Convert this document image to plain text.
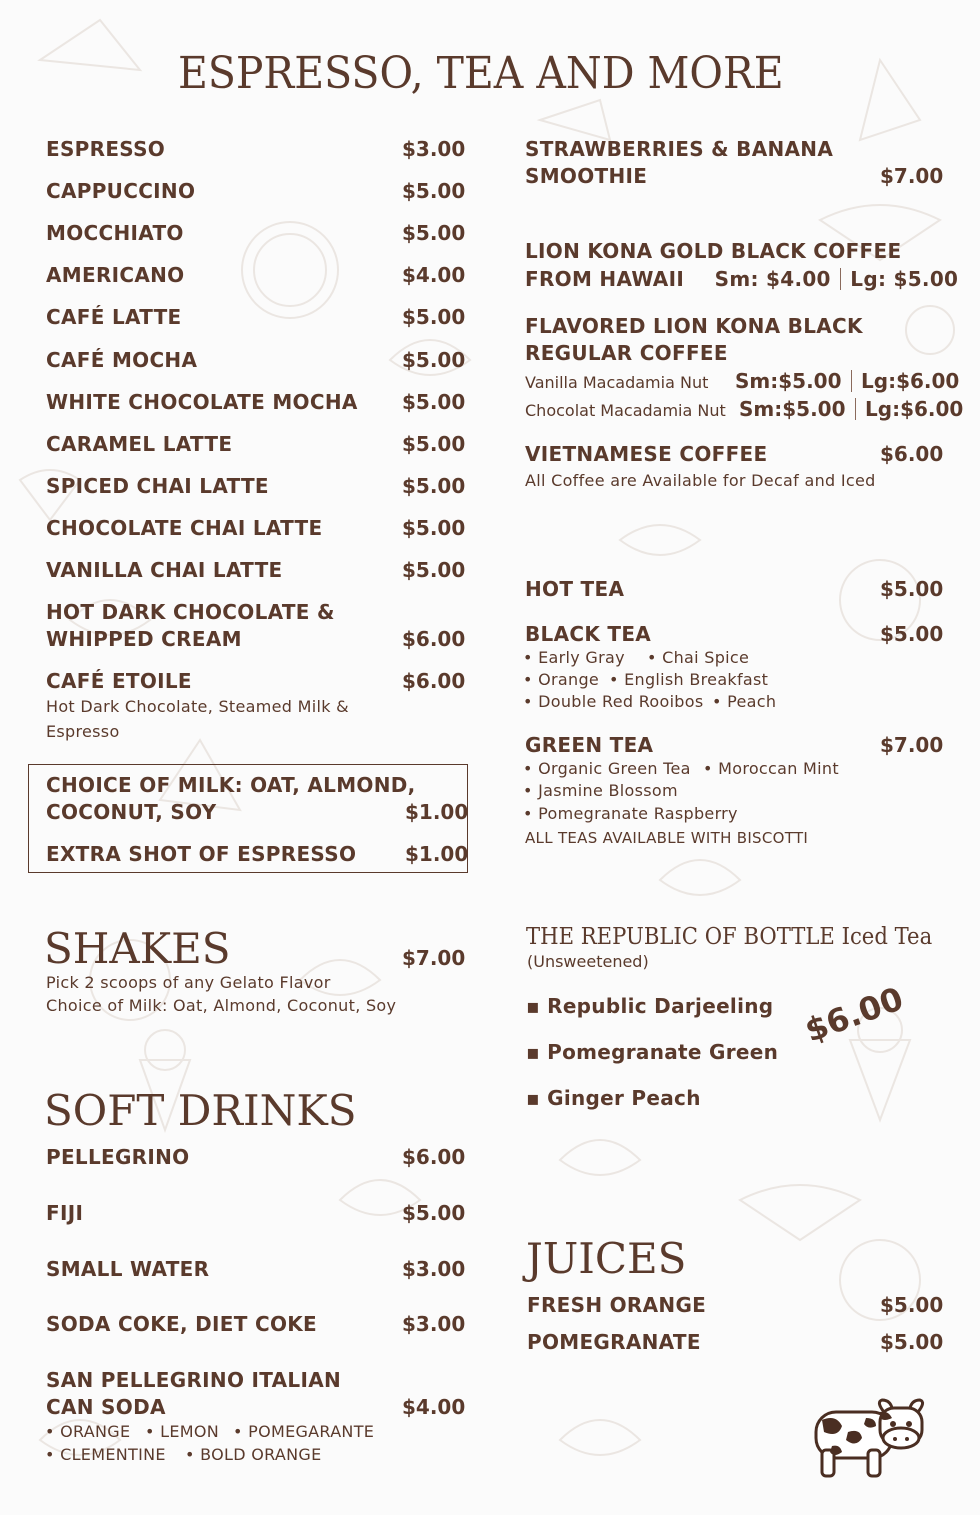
ESPRESSO, TEA AND MORE
ESPRESSO	$3.00
CAPPUCCINO	$5.00
MOCCHIATO	$5.00
AMERICANO	$4.00
CAFÉ LATTE	$5.00
CAFÉ MOCHA	$5.00
WHITE CHOCOLATE MOCHA $5.00
CARAMEL LATTE	$5.00
SPICED CHAI LATTE	$5.00
CHOCOLATE CHAI LATTE	$5.00
VANILLA CHAI LATTE	$5.00
HOT DARK CHOCOLATE &
WHIPPED CREAM	$6.00
CAFÉ ETOILE	$6.00
Hot Dark Chocolate, Steamed Milk &
Espresso
CHOICE OF MILK: OAT, ALMOND,
COCONUT, SOY	$1.00
EXTRA SHOT OF ESPRESSO $1.00
STRAWBERRIES & BANANA
SMOOTHIE	$7.00
LION KONA GOLD BLACK COFFEE
FROM HAWAII Sm: $4.00 Lg: $5.00
FLAVORED LION KONA BLACK
REGULAR COFFEE
Vanilla Macadamia Nut Sm:$5.00 Lg:$6.00
Chocolat Macadamia Nut Sm:$5.00 Lg:$6.00
VIETNAMESE COFFEE	$6.00
All Coffee are Available for Decaf and Iced
HOT TEA	$5.00
BLACK TEA	$5.00
• Early Gray • Chai Spice
• Orange • English Breakfast
• Double Red Rooibos • Peach
GREEN TEA	$7.00
• Organic Green Tea • Moroccan Mint
• Jasmine Blossom
• Pomegranate Raspberry
ALL TEAS AVAILABLE WITH BISCOTTI
SHAKES	$7.00
Pick 2 scoops of any Gelato Flavor
Choice of Milk: Oat, Almond, Coconut, Soy
THE REPUBLIC OF BOTTLE Iced Tea
(Unsweetened)
▪ Republic Darjeeling
▪ Pomegranate Green
▪ Ginger Peach
$6.00
SOFT DRINKS
PELLEGRINO	$6.00
FIJI	$5.00
SMALL WATER	$3.00
SODA COKE, DIET COKE	$3.00
SAN PELLEGRINO ITALIAN
CAN SODA	$4.00
• ORANGE • LEMON • POMEGARANTE
• CLEMENTINE • BOLD ORANGE
JUICES
FRESH ORANGE	$5.00
POMEGRANATE	$5.00
